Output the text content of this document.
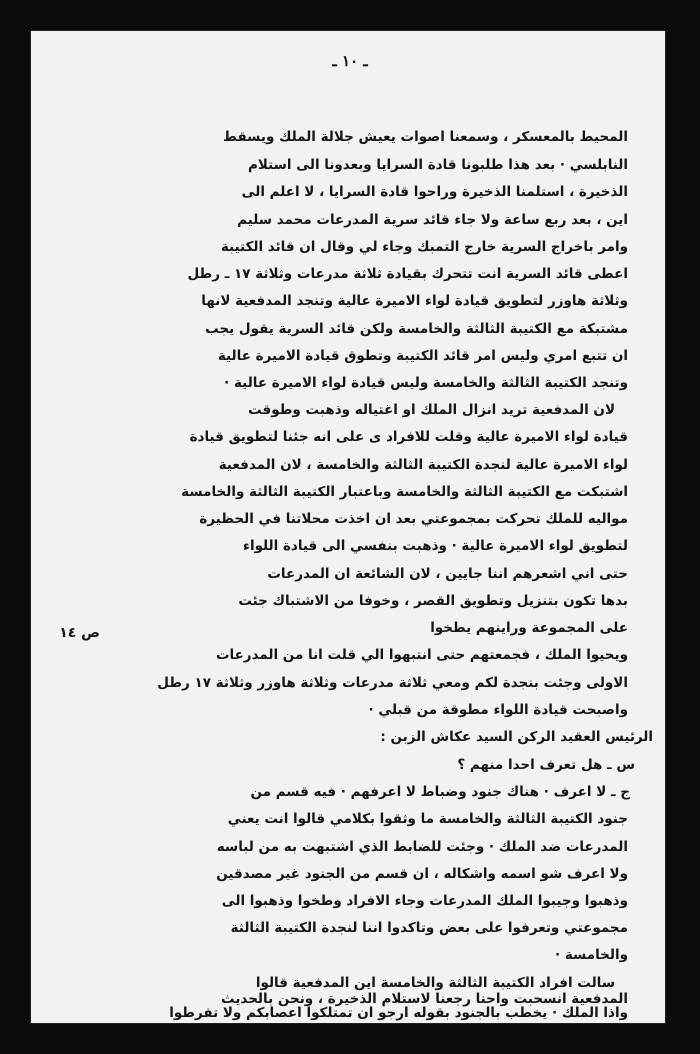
ـ ١٠ ـ
ص ١٤
المحيط بالمعسكر ، وسمعنا اصوات يعيش جلالة الملك ويسقط
النابلسي · بعد هذا طلبونا قادة السرايا وبعدونا الى استلام
الذخيرة ، استلمنا الذخيرة وراحوا قادة السرايا ، لا اعلم الى
اين ، بعد ربع ساعة ولا جاء قائد سرية المدرعات محمد سليم
وامر باخراج السرية خارج التمبك وجاء لي وقال ان قائد الكتيبة
اعطى قائد السرية انت تتحرك بقيادة ثلاثة مدرعات وثلاثة ١٧ ـ رطل
وثلاثة هاوزر لتطويق قيادة لواء الاميرة عالية وتنجد المدفعية لانها
مشتبكة مع الكتيبة الثالثة والخامسة ولكن قائد السرية يقول يجب
ان تتبع امري وليس امر قائد الكتيبة وتطوق قيادة الاميرة عالية
وتنجد الكتيبة الثالثة والخامسة وليس قيادة لواء الاميرة عالية ·
لان المدفعية تريد انزال الملك او اغتياله وذهبت وطوقت
قيادة لواء الاميرة عالية وقلت للافراد ى على انه جئنا لتطويق قيادة
لواء الاميرة عالية لنجدة الكتيبة الثالثة والخامسة ، لان المدفعية
اشتبكت مع الكتيبة الثالثة والخامسة وباعتبار الكتيبة الثالثة والخامسة
مواليه للملك تحركت بمجموعتي بعد ان اخذت محلاتنا في الحظيرة
لتطويق لواء الاميرة عالية · وذهبت بنفسي الى قيادة اللواء
حتى اني اشعرهم اننا جايين ، لان الشائعة ان المدرعات
بدها تكون بتنزيل وتطويق القصر ، وخوفا من الاشتباك جئت
على المجموعة وراينهم يطخوا
ويحيوا الملك ، فجمعتهم حتى انتبهوا الي قلت انا من المدرعات
الاولى وجئت بنجدة لكم ومعي ثلاثة مدرعات وثلاثة هاوزر وثلاثة ١٧ رطل
واصبحت قيادة اللواء مطوقة من قبلي ·
الرئيس العقيد الركن السيد عكاش الزبن :
س ـ هل تعرف احدا منهم ؟
ج ـ لا اعرف · هناك جنود وضباط لا اعرفهم · فيه قسم من
جنود الكتيبة الثالثة والخامسة ما وثقوا بكلامي قالوا انت يعني
المدرعات ضد الملك · وجئت للضابط الذي اشتبهت به من لباسه
ولا اعرف شو اسمه واشكاله ، ان قسم من الجنود غير مصدقين
وذهبوا وجيبوا الملك المدرعات وجاء الافراد وطخوا وذهبوا الى
مجموعتي وتعرفوا على بعض وتاكدوا اننا لنجدة الكتيبة الثالثة
والخامسة ·
سالت افراد الكتيبة الثالثة والخامسة اين المدفعية قالوا
المدفعية انسحبت واحنا رجعنا لاستلام الذخيرة ، ونحن بالحديث
واذا الملك · يخطب بالجنود بقوله ارجو ان تمتلكوا اعصابكم ولا تفرطوا
